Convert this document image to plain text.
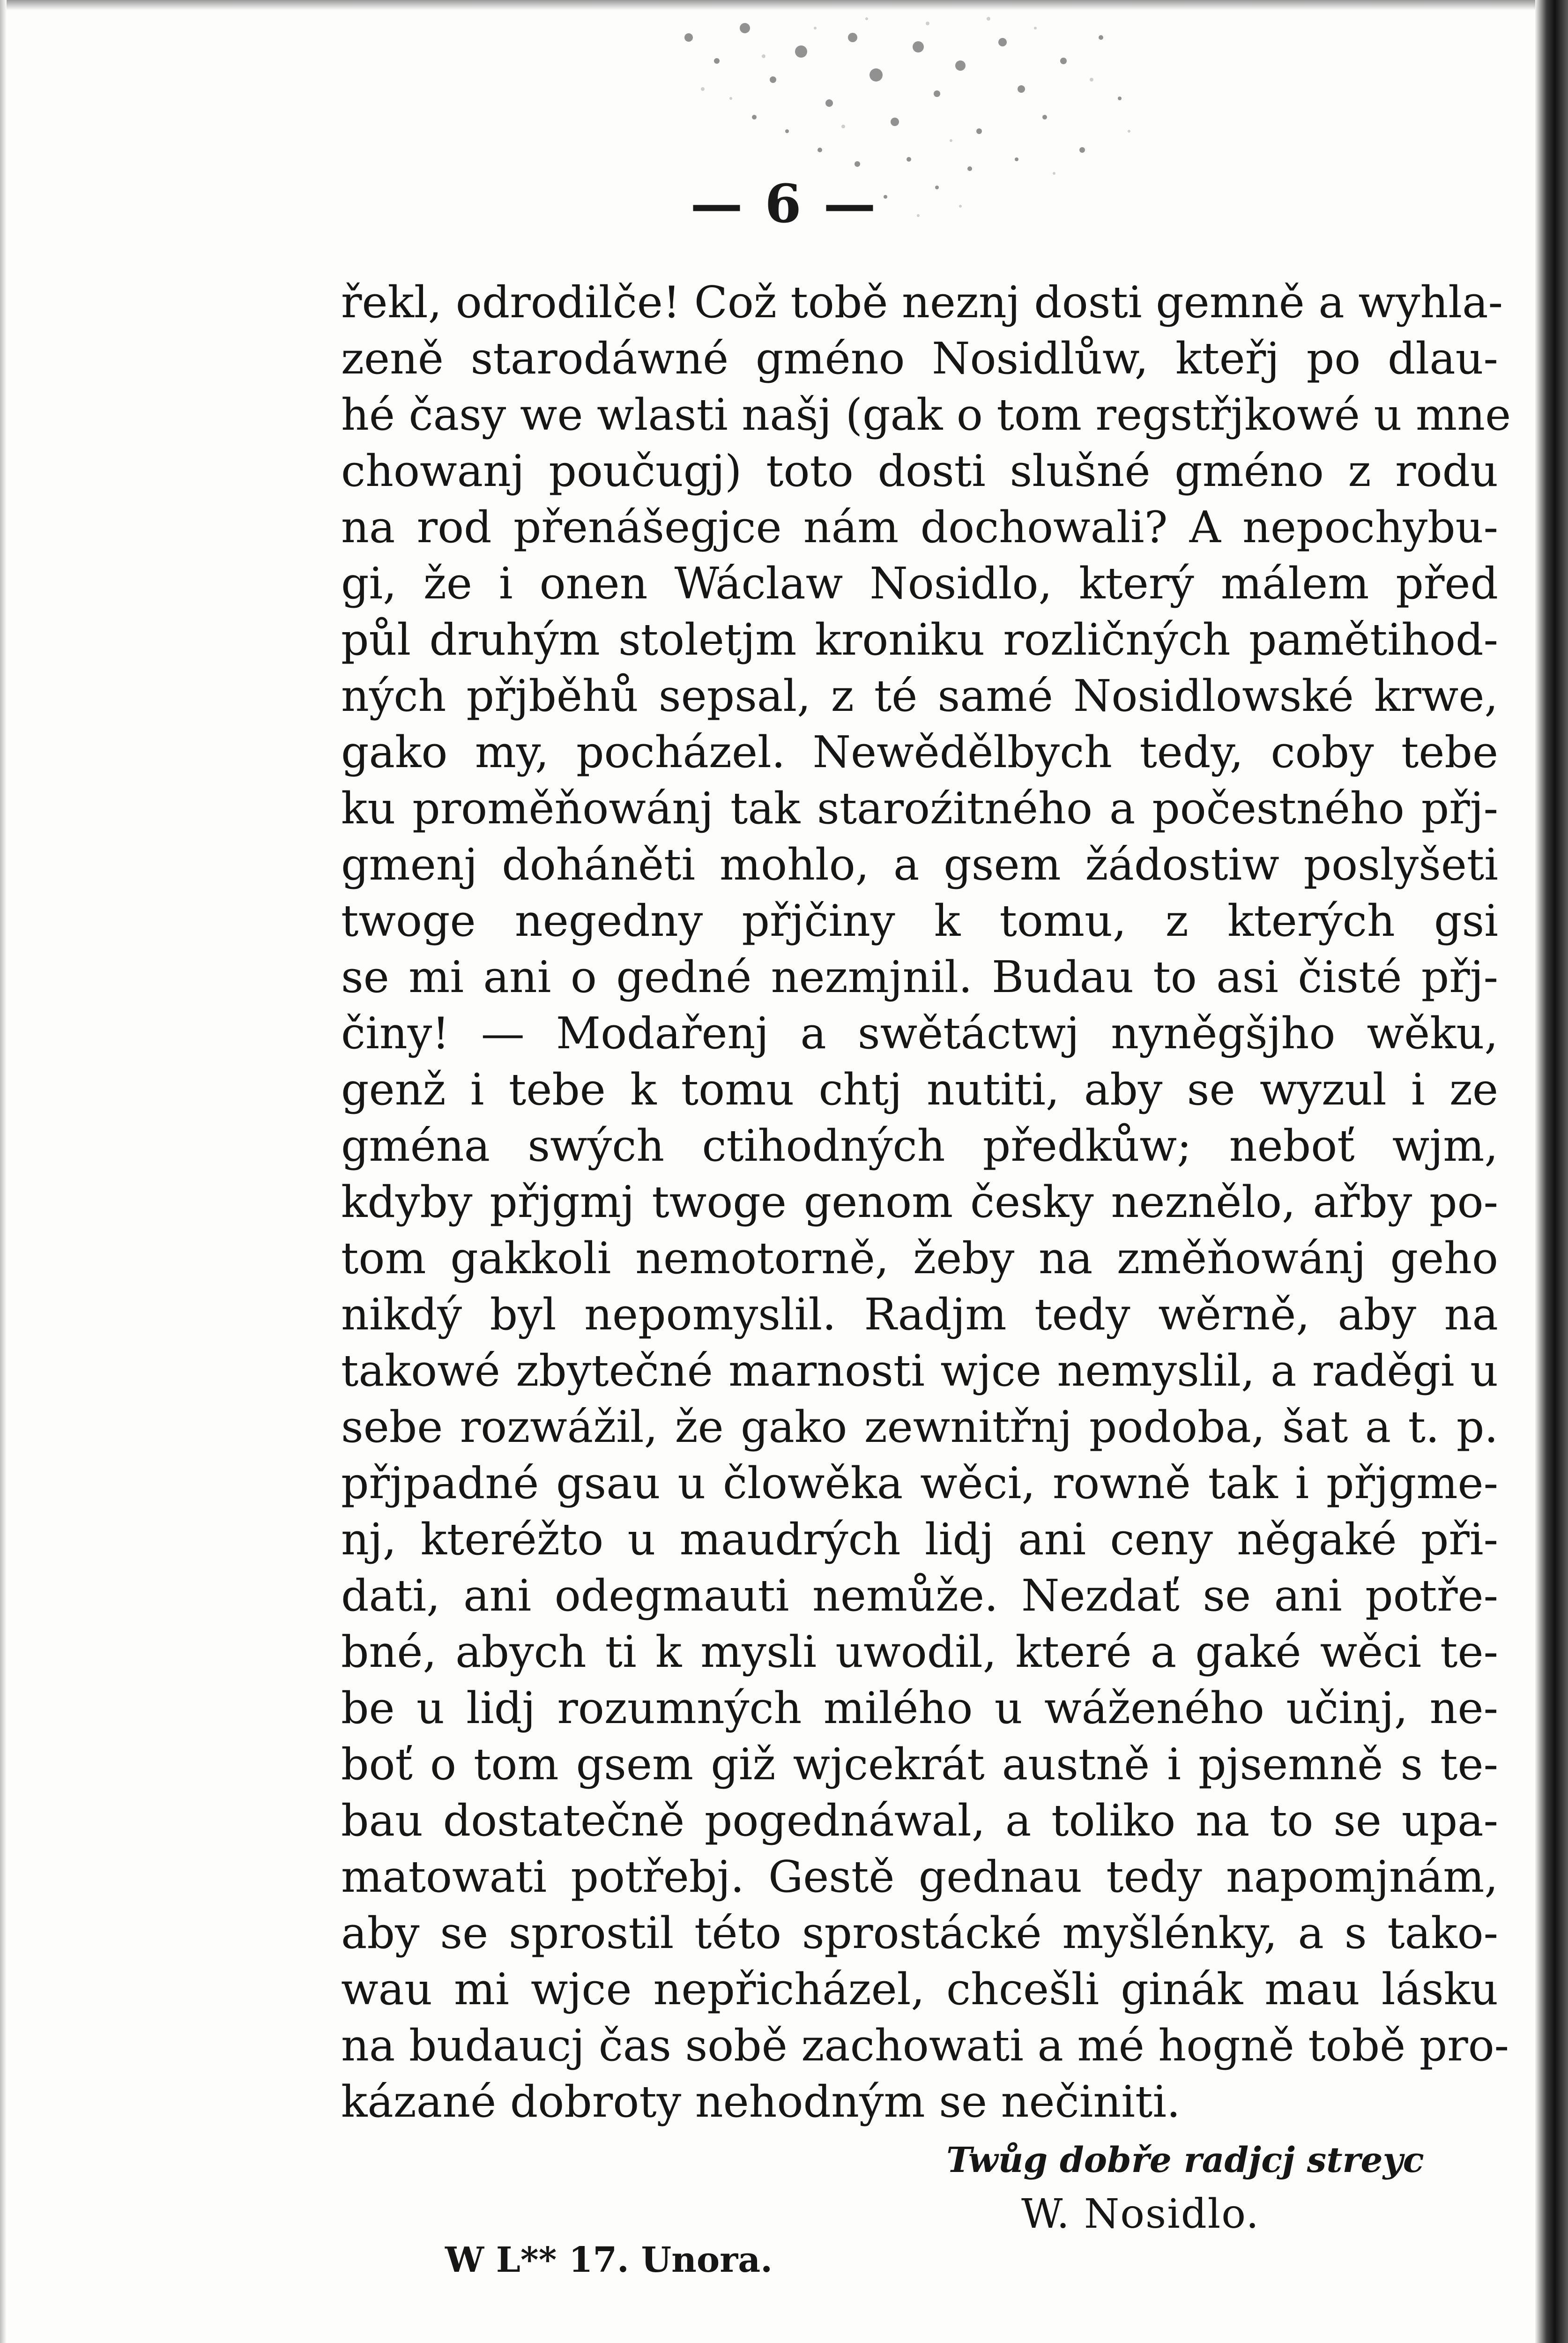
— 6 —
řekl, odrodilče! Což tobě neznj dosti gemně a wyhla-
zeně starodáwné gméno Nosidlůw, kteřj po dlau-
hé časy we wlasti našj (gak o tom regstřjkowé u mne
chowanj poučugj) toto dosti slušné gméno z rodu
na rod přenášegjce nám dochowali? A nepochybu-
gi, že i onen Wáclaw Nosidlo, který málem před
půl druhým stoletjm kroniku rozličných pamětihod-
ných přjběhů sepsal, z té samé Nosidlowské krwe,
gako my, pocházel. Newědělbych tedy, coby tebe
ku proměňowánj tak staroźitného a počestného přj-
gmenj doháněti mohlo, a gsem žádostiw poslyšeti
twoge negedny přjčiny k tomu, z kterých gsi
se mi ani o gedné nezmjnil. Budau to asi čisté přj-
činy! — Modařenj a swětáctwj nyněgšjho wěku,
genž i tebe k tomu chtj nutiti, aby se wyzul i ze
gména swých ctihodných předkůw; neboť wjm,
kdyby přjgmj twoge genom česky neznělo, ařby po-
tom gakkoli nemotorně, žeby na změňowánj geho
nikdý byl nepomyslil. Radjm tedy wěrně, aby na
takowé zbytečné marnosti wjce nemyslil, a raděgi u
sebe rozwážil, že gako zewnitřnj podoba, šat a t. p.
přjpadné gsau u člowěka wěci, rowně tak i přjgme-
nj, kteréžto u maudrých lidj ani ceny něgaké při-
dati, ani odegmauti nemůže. Nezdať se ani potře-
bné, abych ti k mysli uwodil, které a gaké wěci te-
be u lidj rozumných milého u wáženého učinj, ne-
boť o tom gsem giž wjcekrát austně i pjsemně s te-
bau dostatečně pogednáwal, a toliko na to se upa-
matowati potřebj. Gestě gednau tedy napomjnám,
aby se sprostil této sprostácké myšlénky, a s tako-
wau mi wjce nepřicházel, chcešli ginák mau lásku
na budaucj čas sobě zachowati a mé hogně tobě pro-
kázané dobroty nehodným se nečiniti.
Twůg dobře radjcj streyc
W. Nosidlo.
W L** 17. Unora.
